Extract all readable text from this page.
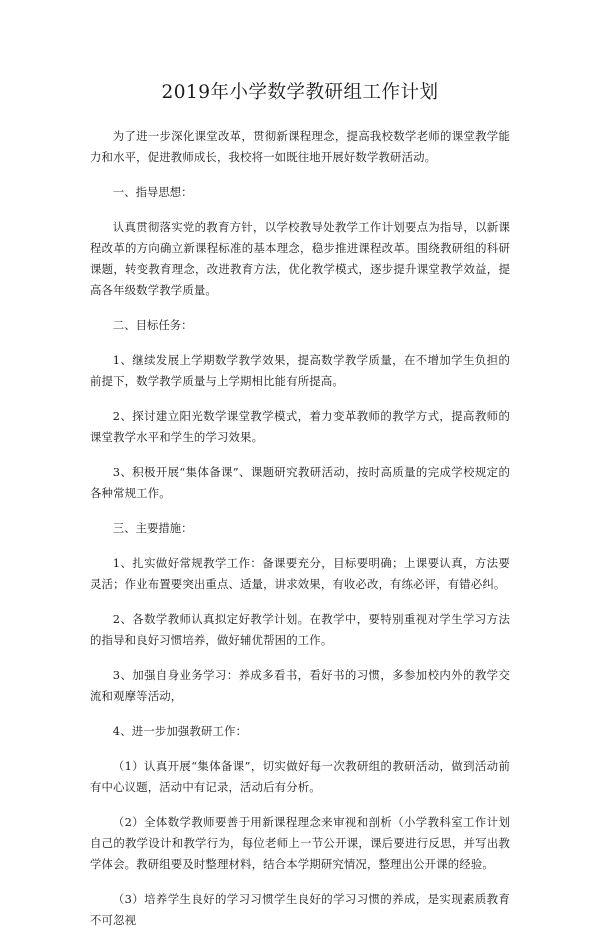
2019年小学数学教研组工作计划

为了进一步深化课堂改革，贯彻新课程理念，提高我校数学老师的课堂教学能力和水平，促进教师成长，我校将一如既往地开展好数学教研活动。

一、指导思想：

认真贯彻落实党的教育方针，以学校教导处教学工作计划要点为指导，以新课程改革的方向确立新课程标准的基本理念，稳步推进课程改革。围绕教研组的科研课题，转变教育理念，改进教育方法，优化教学模式，逐步提升课堂教学效益，提高各年级数学教学质量。

二、目标任务：

1、继续发展上学期数学教学效果，提高数学教学质量，在不增加学生负担的前提下，数学教学质量与上学期相比能有所提高。

2、探讨建立阳光数学课堂教学模式，着力变革教师的教学方式，提高教师的课堂教学水平和学生的学习效果。

3、积极开展“集体备课”、课题研究教研活动，按时高质量的完成学校规定的各种常规工作。

三、主要措施：

1、扎实做好常规教学工作：备课要充分，目标要明确；上课要认真，方法要灵活；作业布置要突出重点、适量，讲求效果，有收必改，有练必评，有错必纠。

2、各数学教师认真拟定好教学计划。在教学中，要特别重视对学生学习方法的指导和良好习惯培养，做好辅优帮困的工作。

3、加强自身业务学习：养成多看书，看好书的习惯，多参加校内外的教学交流和观摩等活动，

4、进一步加强教研工作：

（1）认真开展“集体备课”，切实做好每一次教研组的教研活动，做到活动前有中心议题，活动中有记录，活动后有分析。

（2）全体数学教师要善于用新课程理念来审视和剖析（小学教科室工作计划自己的教学设计和教学行为，每位老师上一节公开课，课后要进行反思，并写出教学体会。教研组要及时整理材料，结合本学期研究情况，整理出公开课的经验。

（3）培养学生良好的学习习惯学生良好的学习习惯的养成，是实现素质教育不可忽视
